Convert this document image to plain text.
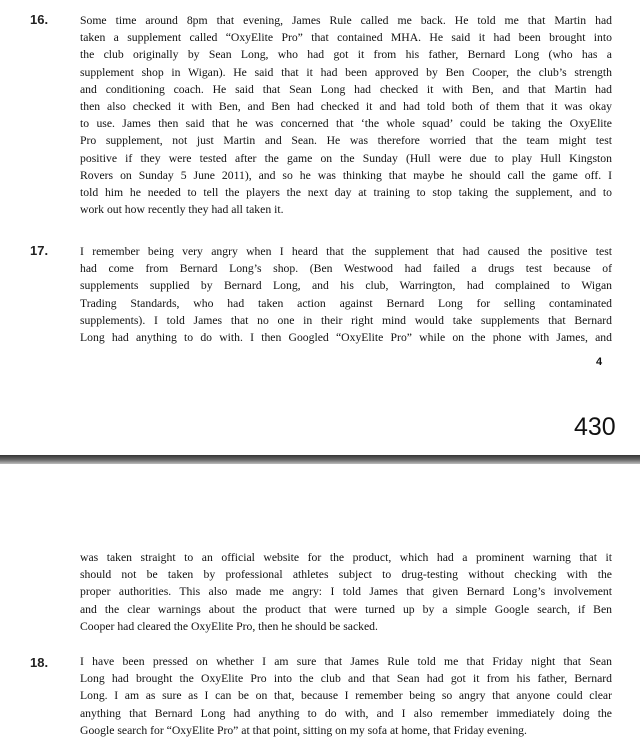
16.	Some time around 8pm that evening, James Rule called me back. He told me that Martin had
taken a supplement called “OxyElite Pro” that contained MHA. He said it had been brought into
the club originally by Sean Long, who had got it from his father, Bernard Long (who has a
supplement shop in Wigan). He said that it had been approved by Ben Cooper, the club’s strength
and conditioning coach. He said that Sean Long had checked it with Ben, and that Martin had
then also checked it with Ben, and Ben had checked it and had told both of them that it was okay
to use. James then said that he was concerned that ‘the whole squad’ could be taking the OxyElite
Pro supplement, not just Martin and Sean. He was therefore worried that the team might test
positive if they were tested after the game on the Sunday (Hull were due to play Hull Kingston
Rovers on Sunday 5 June 2011), and so he was thinking that maybe he should call the game off. I
told him he needed to tell the players the next day at training to stop taking the supplement, and to
work out how recently they had all taken it.
17.	I remember being very angry when I heard that the supplement that had caused the positive test
had come from Bernard Long’s shop. (Ben Westwood had failed a drugs test because of
supplements supplied by Bernard Long, and his club, Warrington, had complained to Wigan
Trading Standards, who had taken action against Bernard Long for selling contaminated
supplements). I told James that no one in their right mind would take supplements that Bernard
Long had anything to do with. I then Googled “OxyElite Pro” while on the phone with James, and
4
430
was taken straight to an official website for the product, which had a prominent warning that it
should not be taken by professional athletes subject to drug-testing without checking with the
proper authorities. This also made me angry: I told James that given Bernard Long’s involvement
and the clear warnings about the product that were turned up by a simple Google search, if Ben
Cooper had cleared the OxyElite Pro, then he should be sacked.
18.	I have been pressed on whether I am sure that James Rule told me that Friday night that Sean
Long had brought the OxyElite Pro into the club and that Sean had got it from his father, Bernard
Long. I am as sure as I can be on that, because I remember being so angry that anyone could clear
anything that Bernard Long had anything to do with, and I also remember immediately doing the
Google search for “OxyElite Pro” at that point, sitting on my sofa at home, that Friday evening.
